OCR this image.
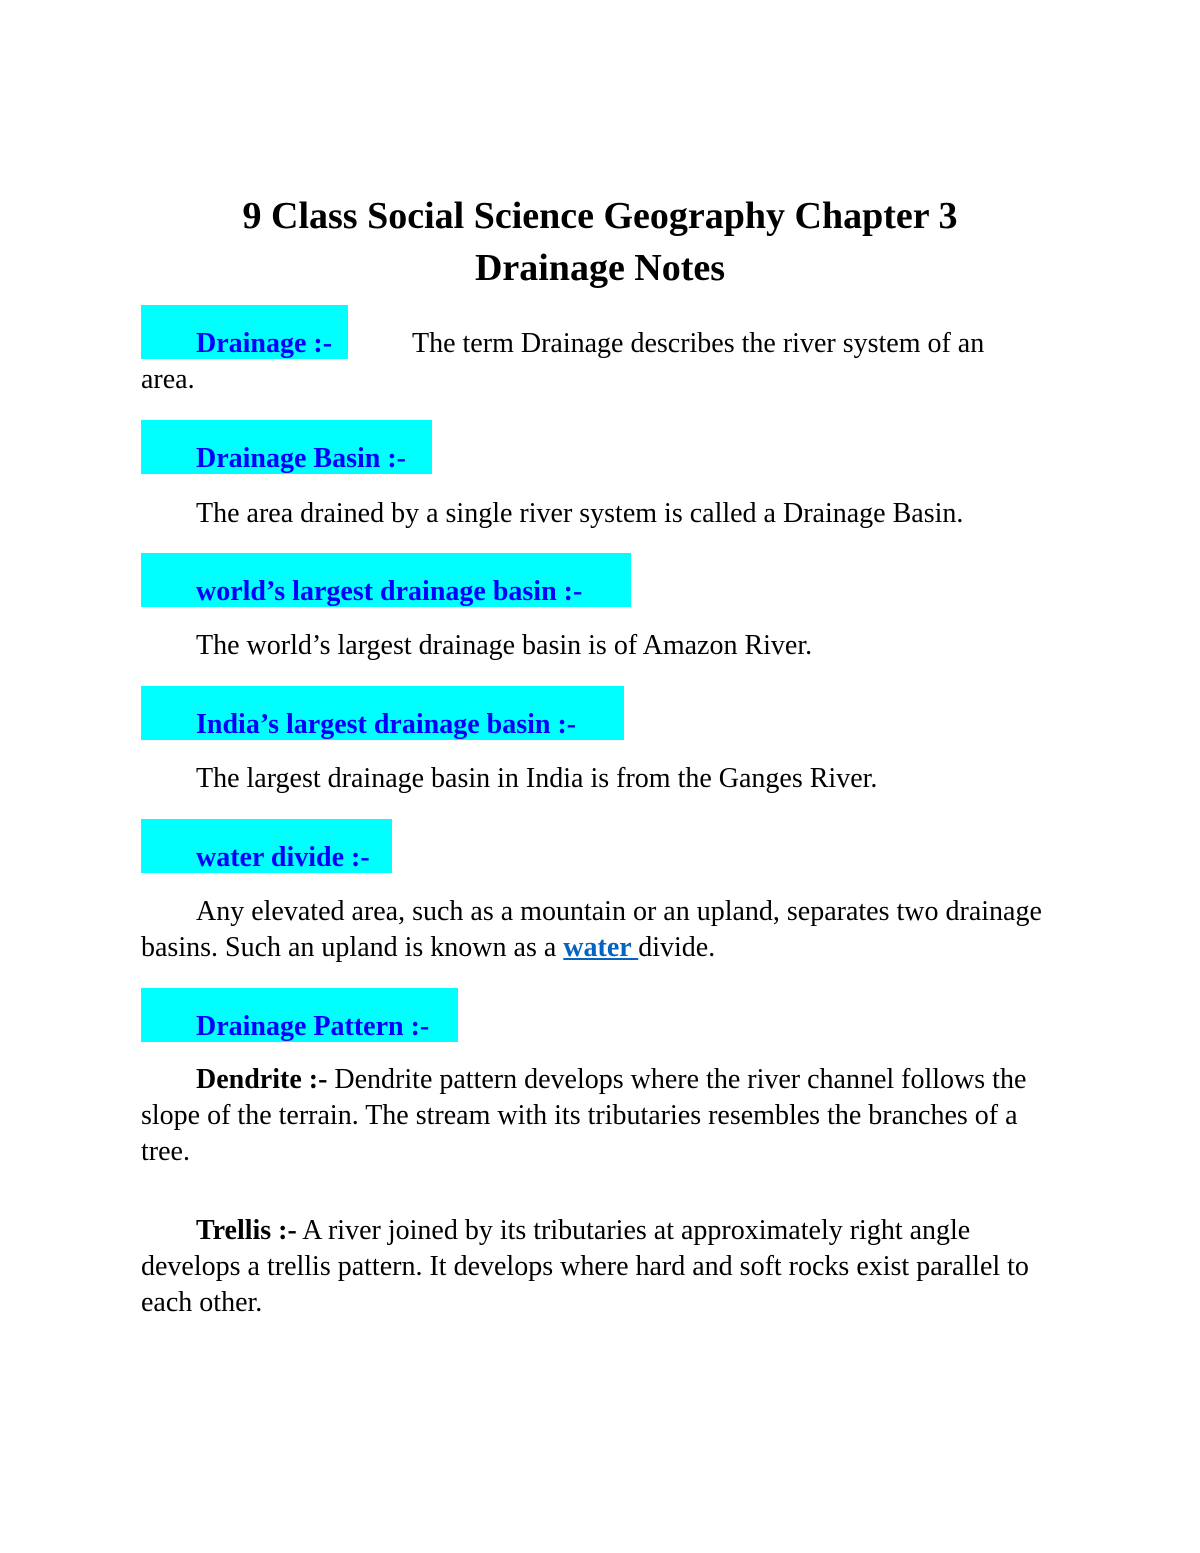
9 Class Social Science Geography Chapter 3
Drainage Notes
Drainage :-	The term Drainage describes the river system of an
area.
Drainage Basin :-
The area drained by a single river system is called a Drainage Basin.
world’s largest drainage basin :-
The world’s largest drainage basin is of Amazon River.
India’s largest drainage basin :-
The largest drainage basin in India is from the Ganges River.
water divide :-

Any elevated area, such as a mountain or an upland, separates two drainage basins. Such an upland is known as a water divide.

Drainage Pattern :-

Dendrite :- Dendrite pattern develops where the river channel follows the slope of the terrain. The stream with its tributaries resembles the branches of a tree.

Trellis :- A river joined by its tributaries at approximately right angle develops a trellis pattern. It develops where hard and soft rocks exist parallel to each other.
